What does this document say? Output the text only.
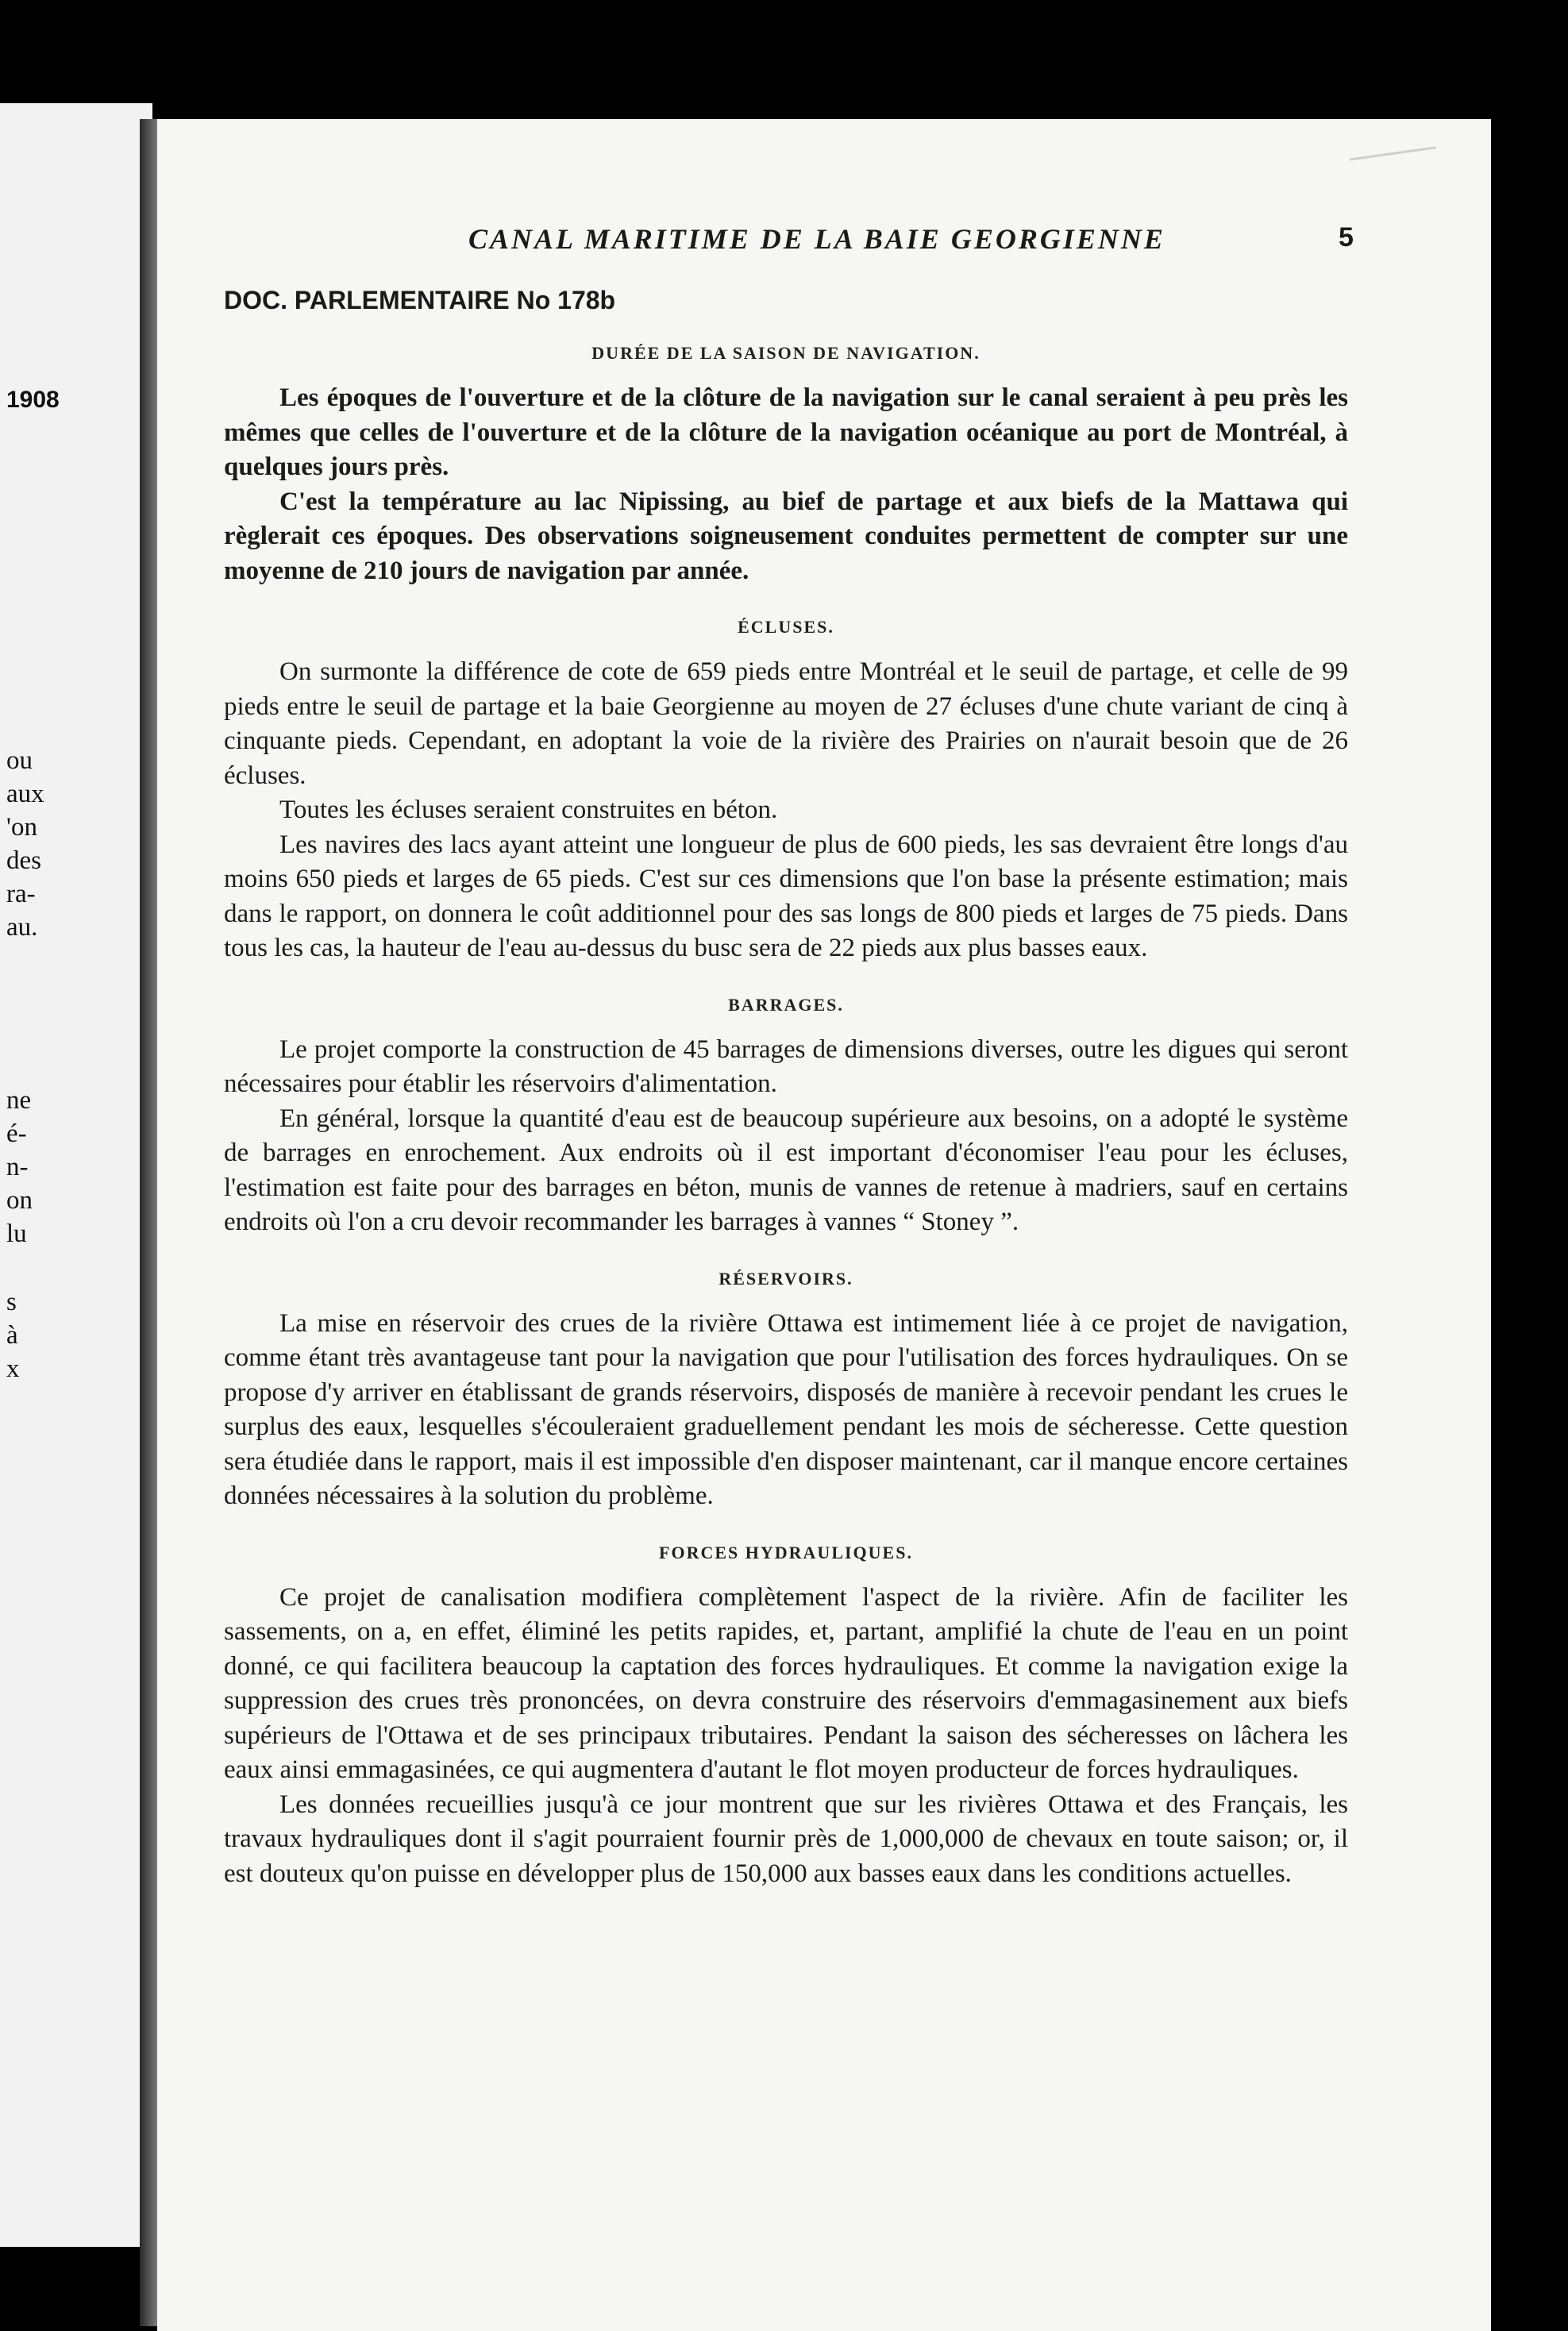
1908
ou
aux
'on
des
ra-
au.
ne
é-
n-
on
lu
s
à
x
CANAL MARITIME DE LA BAIE GEORGIENNE	5
DOC. PARLEMENTAIRE No 178b
DURÉE DE LA SAISON DE NAVIGATION.

Les époques de l'ouverture et de la clôture de la navigation sur le canal seraient à peu près les mêmes que celles de l'ouverture et de la clôture de la navigation océanique au port de Montréal, à quelques jours près.

C'est la température au lac Nipissing, au bief de partage et aux biefs de la Mattawa qui règlerait ces époques. Des observations soigneusement conduites permettent de compter sur une moyenne de 210 jours de navigation par année.

ÉCLUSES.

On surmonte la différence de cote de 659 pieds entre Montréal et le seuil de partage, et celle de 99 pieds entre le seuil de partage et la baie Georgienne au moyen de 27 écluses d'une chute variant de cinq à cinquante pieds. Cependant, en adoptant la voie de la rivière des Prairies on n'aurait besoin que de 26 écluses.

Toutes les écluses seraient construites en béton.

Les navires des lacs ayant atteint une longueur de plus de 600 pieds, les sas devraient être longs d'au moins 650 pieds et larges de 65 pieds. C'est sur ces dimensions que l'on base la présente estimation; mais dans le rapport, on donnera le coût additionnel pour des sas longs de 800 pieds et larges de 75 pieds. Dans tous les cas, la hauteur de l'eau au-dessus du busc sera de 22 pieds aux plus basses eaux.

BARRAGES.

Le projet comporte la construction de 45 barrages de dimensions diverses, outre les digues qui seront nécessaires pour établir les réservoirs d'alimentation.

En général, lorsque la quantité d'eau est de beaucoup supérieure aux besoins, on a adopté le système de barrages en enrochement. Aux endroits où il est important d'économiser l'eau pour les écluses, l'estimation est faite pour des barrages en béton, munis de vannes de retenue à madriers, sauf en certains endroits où l'on a cru devoir recommander les barrages à vannes “ Stoney ”.

RÉSERVOIRS.

La mise en réservoir des crues de la rivière Ottawa est intimement liée à ce projet de navigation, comme étant très avantageuse tant pour la navigation que pour l'utilisation des forces hydrauliques. On se propose d'y arriver en établissant de grands réservoirs, disposés de manière à recevoir pendant les crues le surplus des eaux, lesquelles s'écouleraient graduellement pendant les mois de sécheresse. Cette question sera étudiée dans le rapport, mais il est impossible d'en disposer maintenant, car il manque encore certaines données nécessaires à la solution du problème.

FORCES HYDRAULIQUES.

Ce projet de canalisation modifiera complètement l'aspect de la rivière. Afin de faciliter les sassements, on a, en effet, éliminé les petits rapides, et, partant, amplifié la chute de l'eau en un point donné, ce qui facilitera beaucoup la captation des forces hydrauliques. Et comme la navigation exige la suppression des crues très prononcées, on devra construire des réservoirs d'emmagasinement aux biefs supérieurs de l'Ottawa et de ses principaux tributaires. Pendant la saison des sécheresses on lâchera les eaux ainsi emmagasinées, ce qui augmentera d'autant le flot moyen producteur de forces hydrauliques.

Les données recueillies jusqu'à ce jour montrent que sur les rivières Ottawa et des Français, les travaux hydrauliques dont il s'agit pourraient fournir près de 1,000,000 de chevaux en toute saison; or, il est douteux qu'on puisse en développer plus de 150,000 aux basses eaux dans les conditions actuelles.
